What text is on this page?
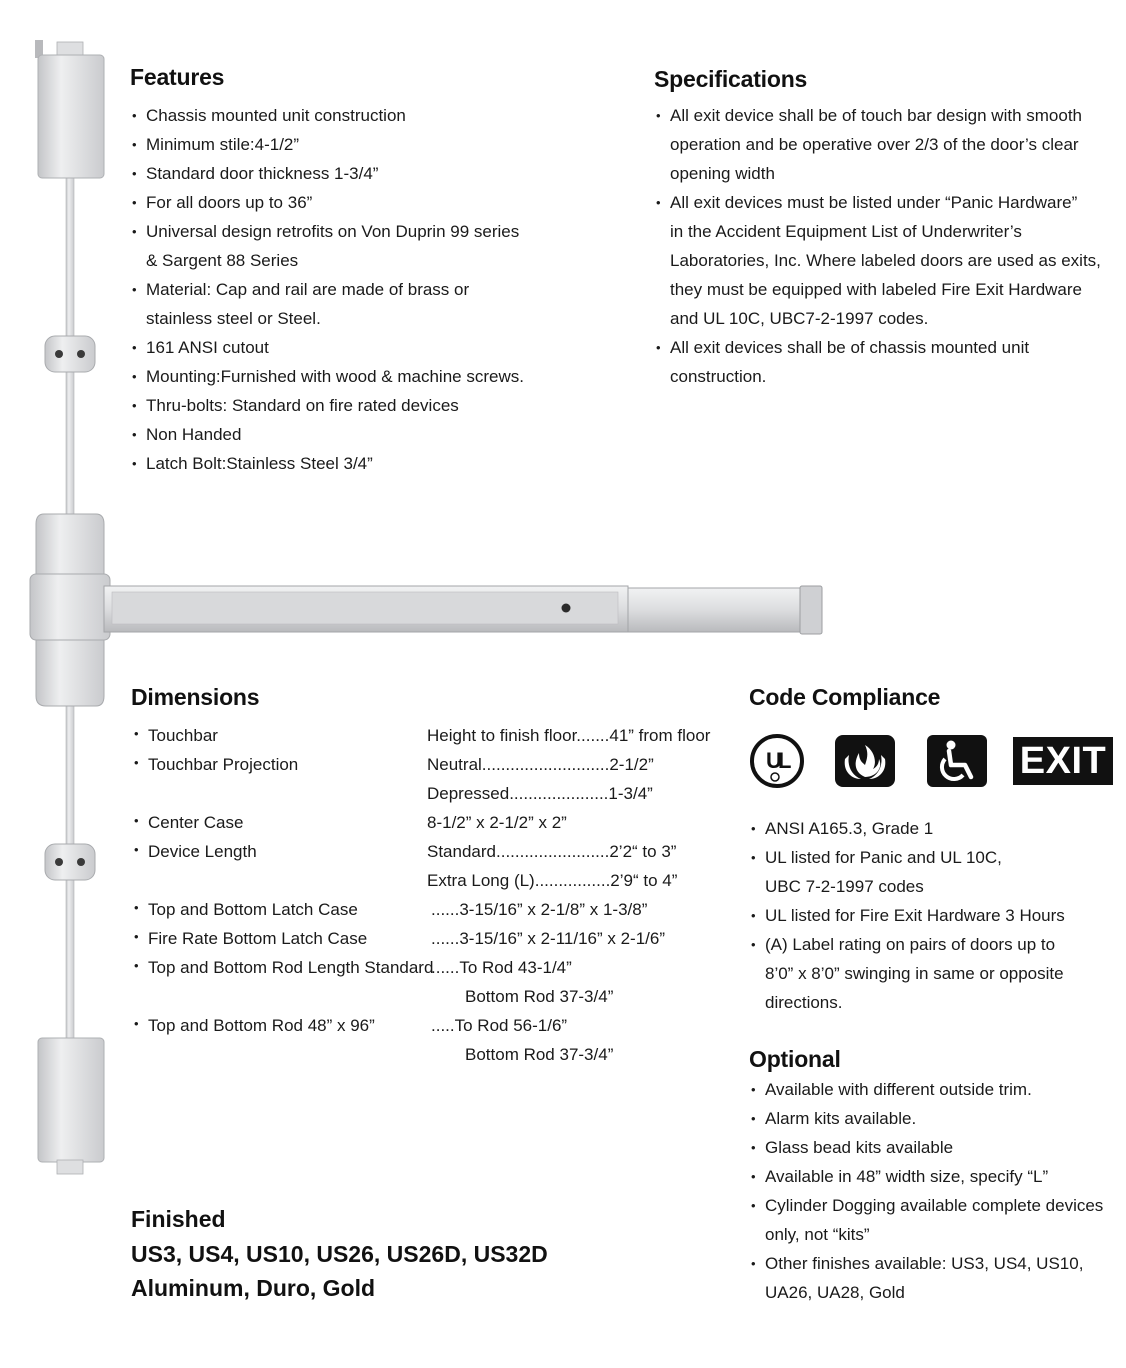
Features
• Chassis mounted unit construction
• Minimum stile:4-1/2”
• Standard door thickness 1-3/4”
• For all doors up to 36”
• Universal design retrofits on Von Duprin 99 series
& Sargent 88 Series
• Material: Cap and rail are made of brass or
stainless steel or Steel.
• 161 ANSI cutout
• Mounting:Furnished with wood & machine screws.
• Thru-bolts: Standard on fire rated devices
• Non Handed
• Latch Bolt:Stainless Steel 3/4”
Specifications
• All exit device shall be of touch bar design with smooth
operation and be operative over 2/3 of the door’s clear
opening width
• All exit devices must be listed under “Panic Hardware”
in the Accident Equipment List of Underwriter’s
Laboratories, Inc. Where labeled doors are used as exits,
they must be equipped with labeled Fire Exit Hardware
and UL 10C, UBC7-2-1997 codes.
• All exit devices shall be of chassis mounted unit
construction.
Dimensions
• Touchbar	Height to finish floor.......41” from floor
• Touchbar Projection	Neutral...........................2-1/2”
Depressed.....................1-3/4”
• Center Case	8-1/2” x 2-1/2” x 2”
• Device Length	Standard........................2’2“ to 3”
Extra Long (L)................2’9“ to 4”
• Top and Bottom Latch Case	......3-15/16” x 2-1/8” x 1-3/8”
• Fire Rate Bottom Latch Case	......3-15/16” x 2-11/16” x 2-1/6”
• Top and Bottom Rod Length Standard
......To Rod 43-1/4”
Bottom Rod 37-3/4”
• Top and Bottom Rod 48” x 96”	.....To Rod 56-1/6”
Bottom Rod 37-3/4”
Code Compliance
U
L	EXIT
• ANSI A165.3, Grade 1
• UL listed for Panic and UL 10C,
UBC 7-2-1997 codes
• UL listed for Fire Exit Hardware 3 Hours
• (A) Label rating on pairs of doors up to
8’0” x 8’0” swinging in same or opposite
directions.
Optional
• Available with different outside trim.
• Alarm kits available.
• Glass bead kits available
• Available in 48” width size, specify “L”
• Cylinder Dogging available complete devices
only, not “kits”
• Other finishes available: US3, US4, US10,
UA26, UA28, Gold
Finished
US3, US4, US10, US26, US26D, US32D
Aluminum, Duro, Gold
